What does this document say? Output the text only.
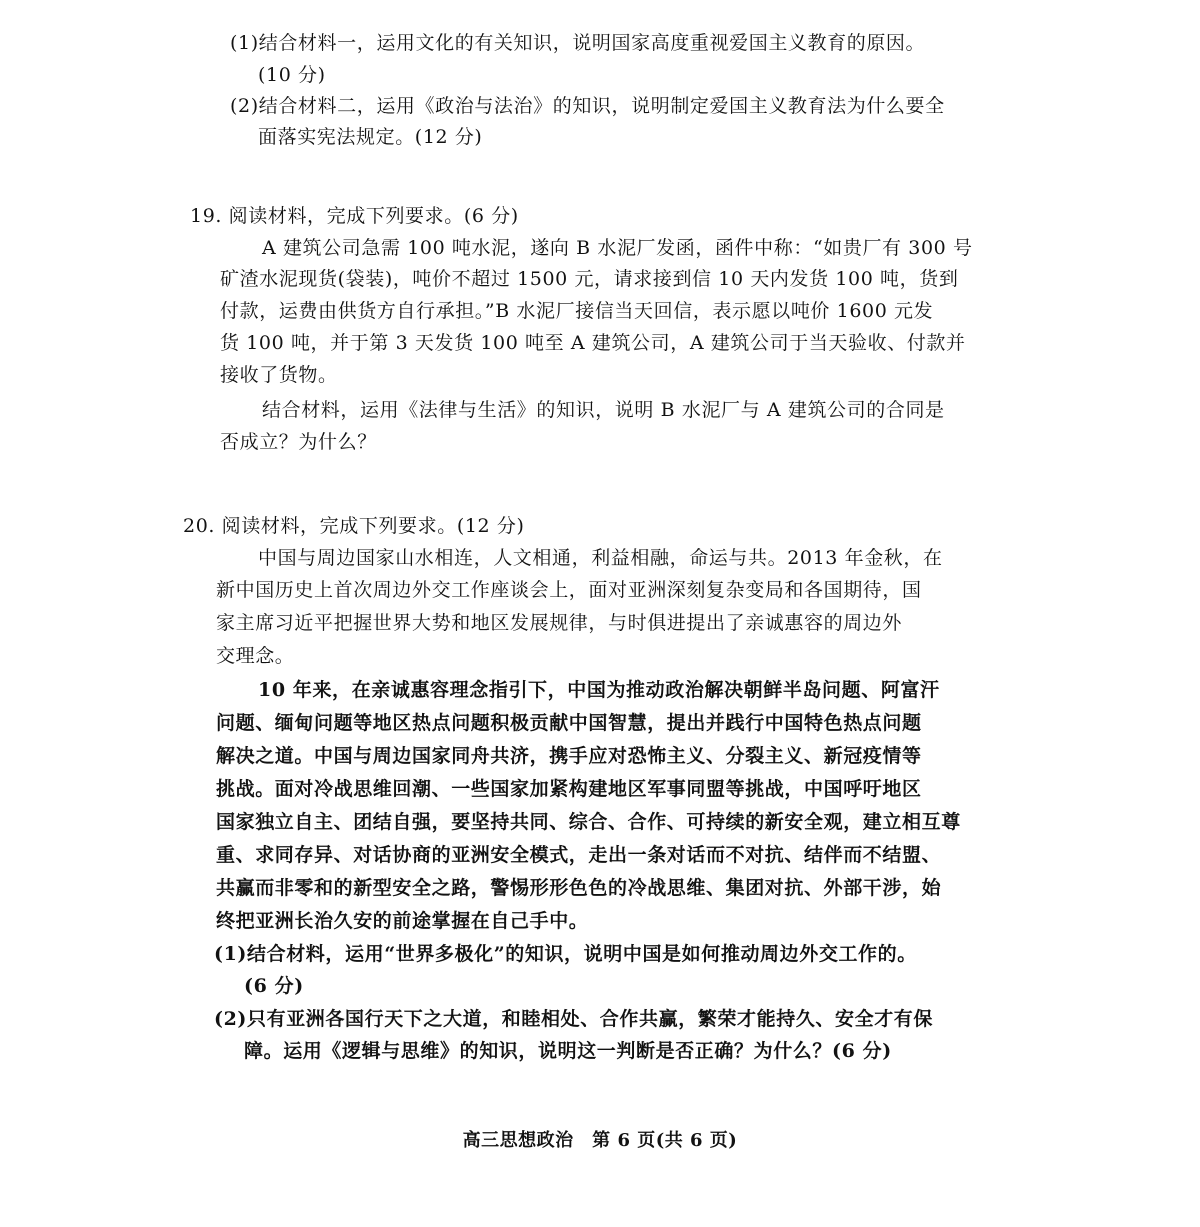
(1)结合材料一，运用文化的有关知识，说明国家高度重视爱国主义教育的原因。
(10 分)
(2)结合材料二，运用《政治与法治》的知识，说明制定爱国主义教育法为什么要全
面落实宪法规定。(12 分)
19. 阅读材料，完成下列要求。(6 分)
A 建筑公司急需 100 吨水泥，遂向 B 水泥厂发函，函件中称：“如贵厂有 300 号
矿渣水泥现货(袋装)，吨价不超过 1500 元，请求接到信 10 天内发货 100 吨，货到
付款，运费由供货方自行承担。”B 水泥厂接信当天回信，表示愿以吨价 1600 元发
货 100 吨，并于第 3 天发货 100 吨至 A 建筑公司，A 建筑公司于当天验收、付款并
接收了货物。
结合材料，运用《法律与生活》的知识，说明 B 水泥厂与 A 建筑公司的合同是
否成立？为什么？
20. 阅读材料，完成下列要求。(12 分)
中国与周边国家山水相连，人文相通，利益相融，命运与共。2013 年金秋，在
新中国历史上首次周边外交工作座谈会上，面对亚洲深刻复杂变局和各国期待，国
家主席习近平把握世界大势和地区发展规律，与时俱进提出了亲诚惠容的周边外
交理念。
10 年来，在亲诚惠容理念指引下，中国为推动政治解决朝鲜半岛问题、阿富汗
问题、缅甸问题等地区热点问题积极贡献中国智慧，提出并践行中国特色热点问题
解决之道。中国与周边国家同舟共济，携手应对恐怖主义、分裂主义、新冠疫情等
挑战。面对冷战思维回潮、一些国家加紧构建地区军事同盟等挑战，中国呼吁地区
国家独立自主、团结自强，要坚持共同、综合、合作、可持续的新安全观，建立相互尊
重、求同存异、对话协商的亚洲安全模式，走出一条对话而不对抗、结伴而不结盟、
共赢而非零和的新型安全之路，警惕形形色色的冷战思维、集团对抗、外部干涉，始
终把亚洲长治久安的前途掌握在自己手中。
(1)结合材料，运用“世界多极化”的知识，说明中国是如何推动周边外交工作的。
(6 分)
(2)只有亚洲各国行天下之大道，和睦相处、合作共赢，繁荣才能持久、安全才有保
障。运用《逻辑与思维》的知识，说明这一判断是否正确？为什么？(6 分)
高三思想政治　第 6 页(共 6 页)
